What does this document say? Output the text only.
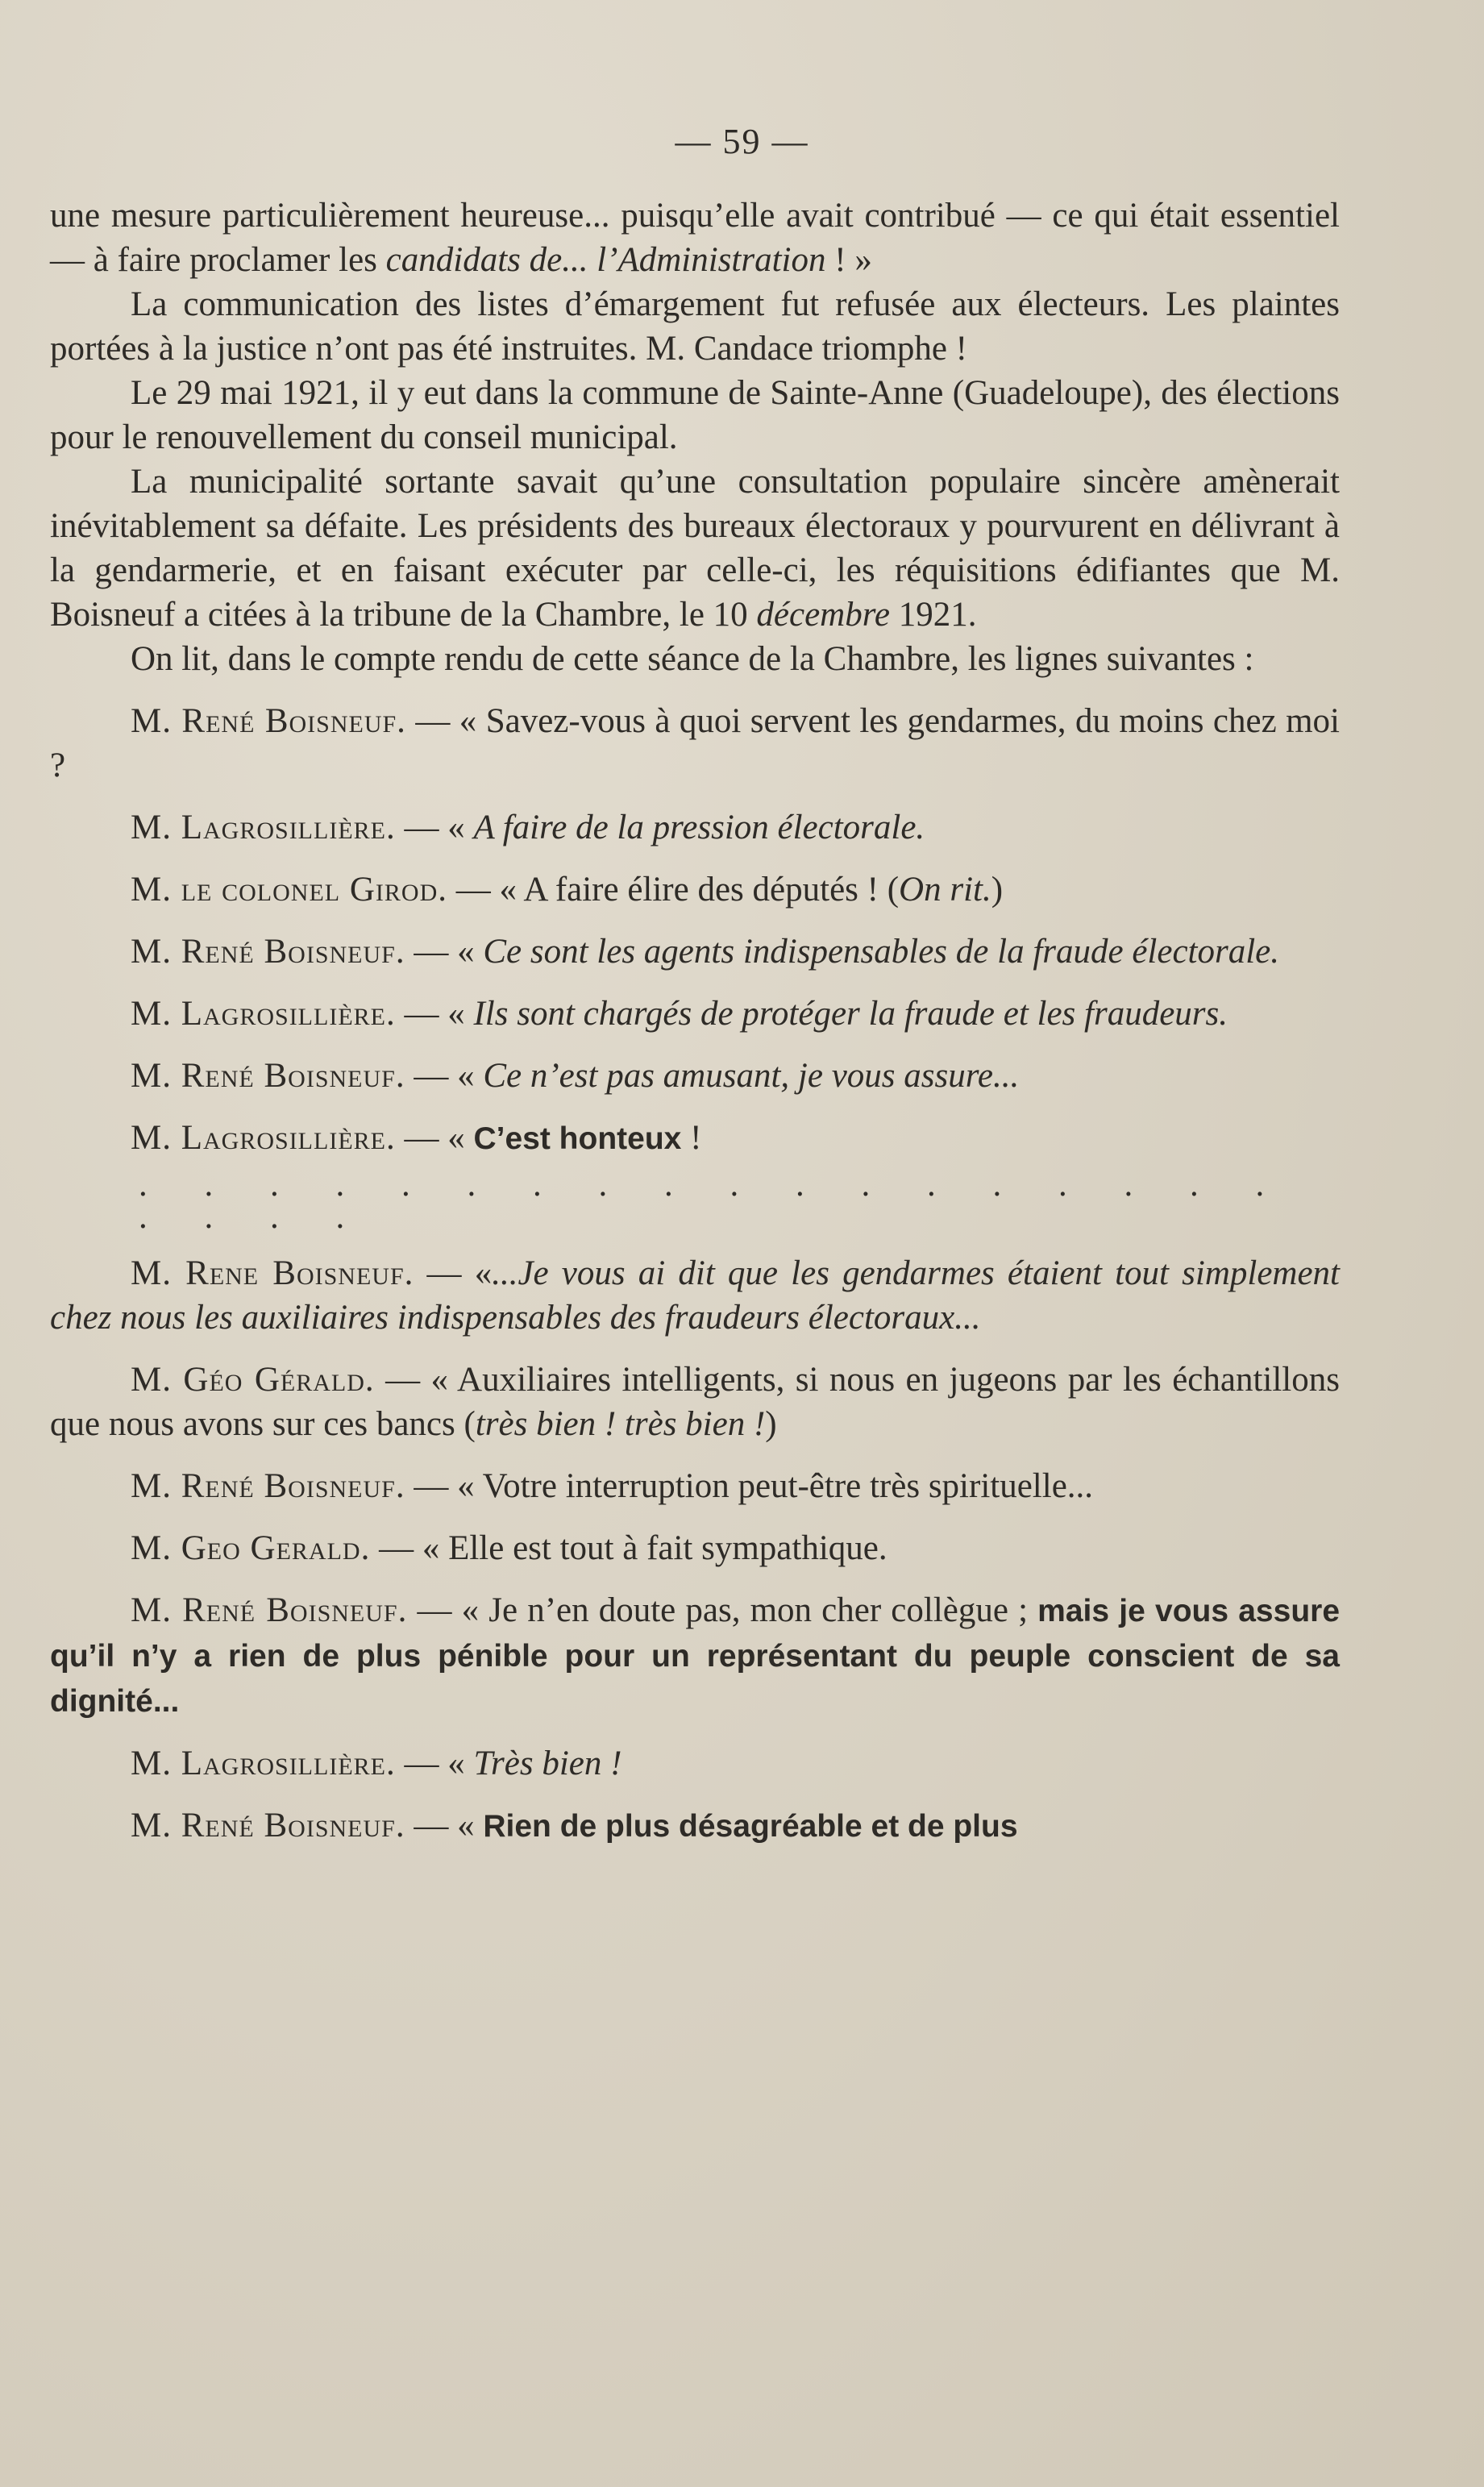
— 59 —

une mesure particulièrement heureuse... puisqu’elle avait contribué — ce qui était essentiel — à faire proclamer les candidats de... l’Administration ! »

La communication des listes d’émargement fut refusée aux électeurs. Les plaintes portées à la justice n’ont pas été instruites. M. Candace triomphe !

Le 29 mai 1921, il y eut dans la commune de Sainte-Anne (Guadeloupe), des élections pour le renouvellement du conseil municipal.

La municipalité sortante savait qu’une consultation populaire sincère amènerait inévitablement sa défaite. Les présidents des bureaux électoraux y pourvurent en délivrant à la gendarmerie, et en faisant exécuter par celle-ci, les réquisitions édifiantes que M. Boisneuf a citées à la tribune de la Chambre, le 10 décembre 1921.

On lit, dans le compte rendu de cette séance de la Chambre, les lignes suivantes :

M. René Boisneuf. — « Savez-vous à quoi servent les gendarmes, du moins chez moi ?

M. Lagrosillière. — « A faire de la pression électorale.

M. le colonel Girod. — « A faire élire des députés ! (On rit.)

M. René Boisneuf. — « Ce sont les agents indispensables de la fraude électorale.

M. Lagrosillière. — « Ils sont chargés de protéger la fraude et les fraudeurs.

M. René Boisneuf. — « Ce n’est pas amusant, je vous assure...

M. Lagrosillière. — « C’est honteux !

. . . . . . . . . . . . . . . . . . . . . .

M. Rene Boisneuf. — «...Je vous ai dit que les gendarmes étaient tout simplement chez nous les auxiliaires indispensables des fraudeurs électoraux...

M. Géo Gérald. — « Auxiliaires intelligents, si nous en jugeons par les échantillons que nous avons sur ces bancs (très bien ! très bien !)

M. René Boisneuf. — « Votre interruption peut-être très spirituelle...

M. Geo Gerald. — « Elle est tout à fait sympathique.

M. René Boisneuf. — « Je n’en doute pas, mon cher collègue ; mais je vous assure qu’il n’y a rien de plus pénible pour un représentant du peuple conscient de sa dignité...

M. Lagrosillière. — « Très bien !

M. René Boisneuf. — « Rien de plus désagréable et de plus
